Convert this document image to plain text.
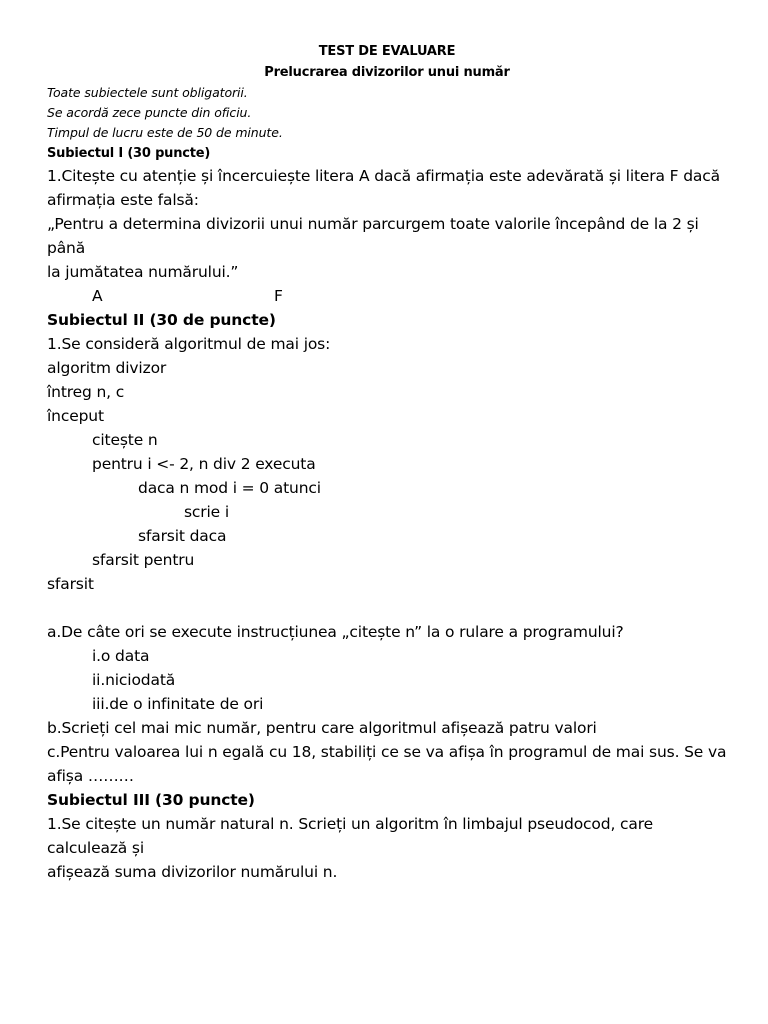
TEST DE EVALUARE
Prelucrarea divizorilor unui număr
Toate subiectele sunt obligatorii.
Se acordă zece puncte din oficiu.
Timpul de lucru este de 50 de minute.
Subiectul I (30 puncte)
1.Citește cu atenție și încercuiește litera A dacă afirmația este adevărată și litera F dacă
afirmația este falsă:
„Pentru a determina divizorii unui număr parcurgem toate valorile începând de la 2 și până
la jumătatea numărului.”
A	F
Subiectul II (30 de puncte)
1.Se consideră algoritmul de mai jos:
algoritm divizor
întreg n, c
început
citește n
pentru i <- 2, n div 2 executa
daca n mod i = 0 atunci
scrie i
sfarsit daca
sfarsit pentru
sfarsit
a.De câte ori se execute instrucțiunea „citește n” la o rulare a programului?
i.o data
ii.niciodată
iii.de o infinitate de ori
b.Scrieți cel mai mic număr, pentru care algoritmul afișează patru valori
c.Pentru valoarea lui n egală cu 18, stabiliți ce se va afișa în programul de mai sus. Se va
afișa ………
Subiectul III (30 puncte)
1.Se citește un număr natural n. Scrieți un algoritm în limbajul pseudocod, care calculează și
afișează suma divizorilor numărului n.
